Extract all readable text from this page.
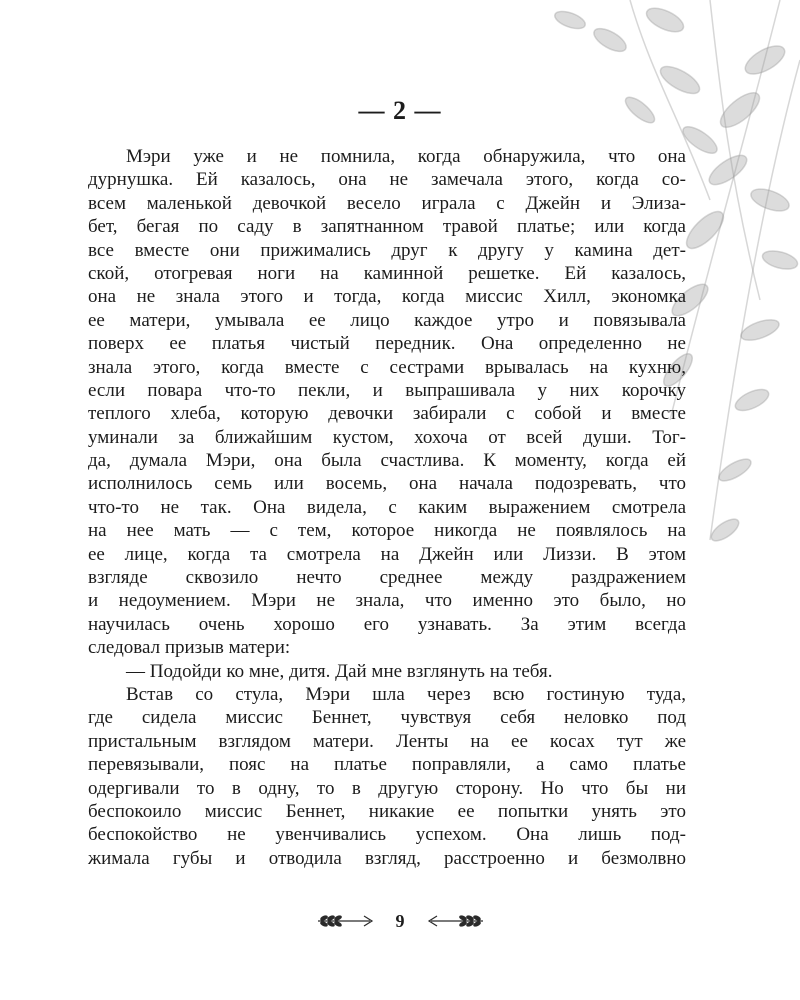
— 2 —
Мэри уже и не помнила, когда обнаружила, что она
дурнушка. Ей казалось, она не замечала этого, когда со-
всем маленькой девочкой весело играла с Джейн и Элиза-
бет, бегая по саду в запятнанном травой платье; или когда
все вместе они прижимались друг к другу у камина дет-
ской, отогревая ноги на каминной решетке. Ей казалось,
она не знала этого и тогда, когда миссис Хилл, экономка
ее матери, умывала ее лицо каждое утро и повязывала
поверх ее платья чистый передник. Она определенно не
знала этого, когда вместе с сестрами врывалась на кухню,
если повара что-то пекли, и выпрашивала у них корочку
теплого хлеба, которую девочки забирали с собой и вместе
уминали за ближайшим кустом, хохоча от всей души. Тог-
да, думала Мэри, она была счастлива. К моменту, когда ей
исполнилось семь или восемь, она начала подозревать, что
что-то не так. Она видела, с каким выражением смотрела
на нее мать — с тем, которое никогда не появлялось на
ее лице, когда та смотрела на Джейн или Лиззи. В этом
взгляде сквозило нечто среднее между раздражением
и недоумением. Мэри не знала, что именно это было, но
научилась очень хорошо его узнавать. За этим всегда
следовал призыв матери:
— Подойди ко мне, дитя. Дай мне взглянуть на тебя.
Встав со стула, Мэри шла через всю гостиную туда,
где сидела миссис Беннет, чувствуя себя неловко под
пристальным взглядом матери. Ленты на ее косах тут же
перевязывали, пояс на платье поправляли, а само платье
одергивали то в одну, то в другую сторону. Но что бы ни
беспокоило миссис Беннет, никакие ее попытки унять это
беспокойство не увенчивались успехом. Она лишь под-
жимала губы и отводила взгляд, расстроенно и безмолвно
9
